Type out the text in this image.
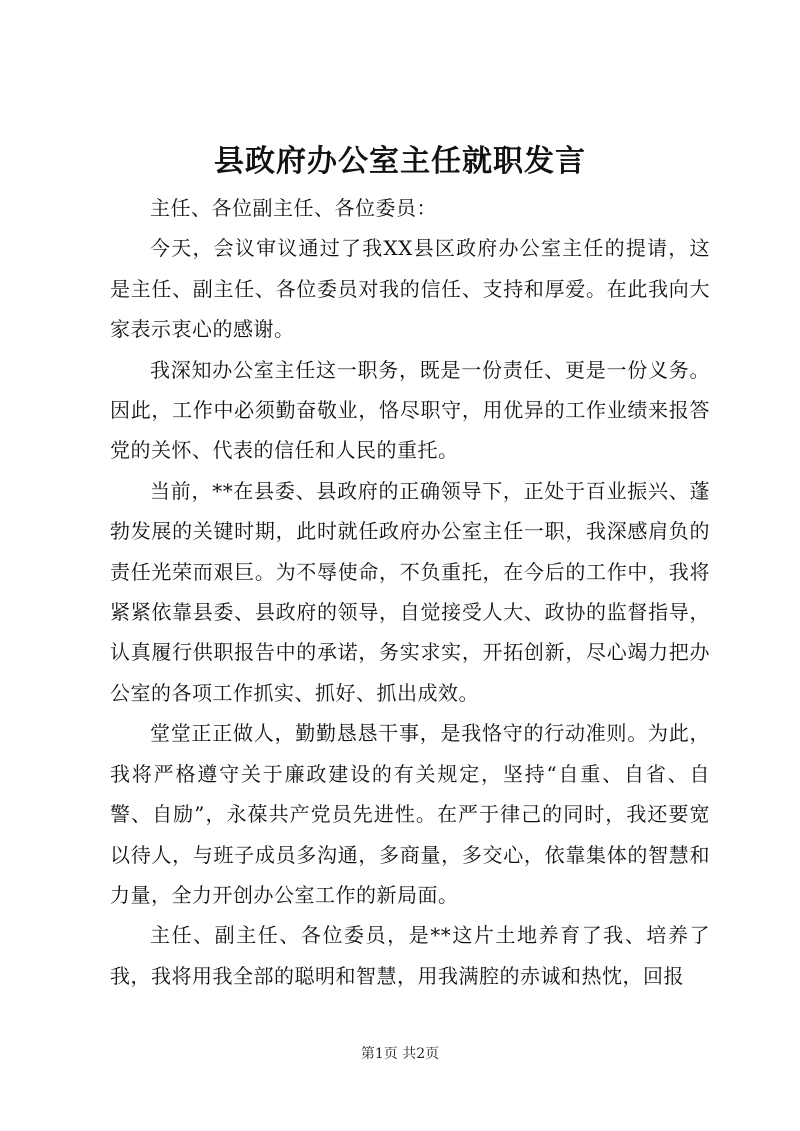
县政府办公室主任就职发言

主任、各位副主任、各位委员：

今天，会议审议通过了我XX县区政府办公室主任的提请，这是主任、副主任、各位委员对我的信任、支持和厚爱。在此我向大家表示衷心的感谢。

我深知办公室主任这一职务，既是一份责任、更是一份义务。因此，工作中必须勤奋敬业，恪尽职守，用优异的工作业绩来报答党的关怀、代表的信任和人民的重托。

当前，**在县委、县政府的正确领导下，正处于百业振兴、蓬勃发展的关键时期，此时就任政府办公室主任一职，我深感肩负的责任光荣而艰巨。为不辱使命，不负重托，在今后的工作中，我将紧紧依靠县委、县政府的领导，自觉接受人大、政协的监督指导，认真履行供职报告中的承诺，务实求实，开拓创新，尽心竭力把办公室的各项工作抓实、抓好、抓出成效。

堂堂正正做人，勤勤恳恳干事，是我恪守的行动准则。为此，我将严格遵守关于廉政建设的有关规定，坚持“自重、自省、自警、自励”，永葆共产党员先进性。在严于律己的同时，我还要宽以待人，与班子成员多沟通，多商量，多交心，依靠集体的智慧和力量，全力开创办公室工作的新局面。

主任、副主任、各位委员，是**这片土地养育了我、培养了我，我将用我全部的聪明和智慧，用我满腔的赤诚和热忱，回报

第1页 共2页
